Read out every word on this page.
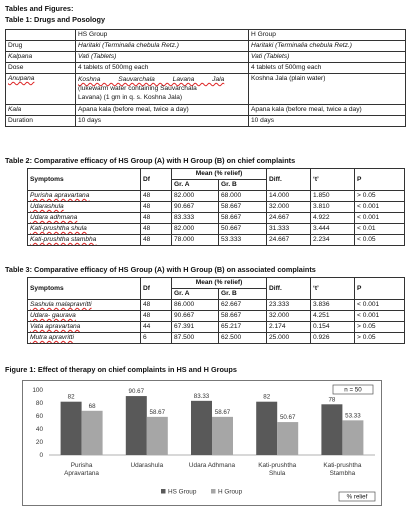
Tables and Figures:
Table 1: Drugs and Posology
	HS Group	H Group
Drug	Haritaki (Terminalia chebula Retz.)	Haritaki (Terminalia chebula Retz.)
Kalpana	Vati (Tablets)	Vati (Tablets)
Dose	4 tablets of 500mg each	4 tablets of 500mg each
Anupana	Koshna Sauvarchala Lavana Jala
(lukewarm water containing Sauvarchala
Lavana) (1 gm in q. s. Koshna Jala)	Koshna Jala (plain water)
Kala	Apana kala (before meal, twice a day)	Apana kala (before meal, twice a day)
Duration	10 days	10 days
Table 2: Comparative efficacy of HS Group (A) with H Group (B) on chief complaints
Symptoms	Df	Mean (% relief)		Diff.	‘t’	P
		Gr. A	Gr. B			
Purisha apravartana	48	82.000	68.000	14.000	1.850	> 0.05
Udarashula	48	90.667	58.667	32.000	3.810	< 0.001
Udara adhmana	48	83.333	58.667	24.667	4.922	< 0.001
Kati-prushtha shula	48	82.000	50.667	31.333	3.444	< 0.01
Kati-prushtha stambha	48	78.000	53.333	24.667	2.234	< 0.05
Table 3: Comparative efficacy of HS Group (A) with H Group (B) on associated complaints
Symptoms	Df	Mean (% relief)		Diff.	‘t’	P
		Gr. A	Gr. B			
Sashula malapravritti	48	86.000	62.667	23.333	3.836	< 0.001
Udara- gaurava	48	90.667	58.667	32.000	4.251	< 0.001
Vata apravartana	44	67.391	65.217	2.174	0.154	> 0.05
Mutra apravritti	6	87.500	62.500	25.000	0.926	> 0.05
Figure 1: Effect of therapy on chief complaints in HS and H Groups
0
20
40
60
80
100
82
68
Purisha
Apravartana
90.67
58.67
Udarashula
83.33
58.67
Udara Adhmana
82
50.67
Kati-prushtha
Shula
78
53.33
Kati-prushtha
Stambha
HS Group	H Group
n = 50
% relief
